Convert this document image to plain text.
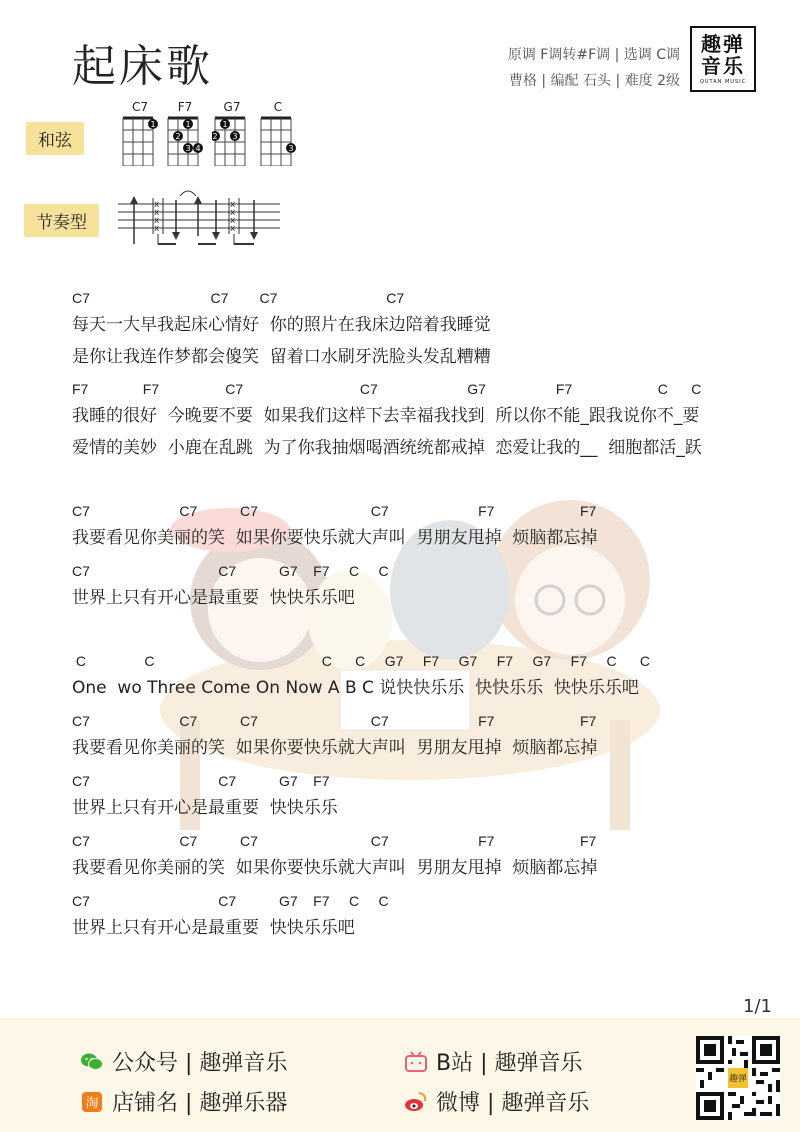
起床歌	原调 F调转#F调 | 选调 C调
曹格 | 编配 石头 | 难度 2级
趣弹
音乐
QUTAN MUSIC
和弦
C7
1
F7
2
1
3 4
G7
2
1
3
C
3
节奏型
x
x
x
x
x
x
x
x
C7                               C7        C7                            C7
每天一大早我起床心情好  你的照片在我床边陪着我睡觉
是你让我连作梦都会傻笑  留着口水刷牙洗脸头发乱糟糟
F7              F7                 C7                              C7                       G7                  F7                      C      C
我睡的很好  今晚要不要  如果我们这样下去幸福我找到  所以你不能_跟我说你不_要
爱情的美妙  小鹿在乱跳  为了你我抽烟喝酒统统都戒掉  恋爱让我的__  细胞都活_跃
C7                       C7           C7                             C7                       F7                      F7
我要看见你美丽的笑  如果你要快乐就大声叫  男朋友甩掉  烦脑都忘掉
C7                                 C7           G7    F7     C     C
世界上只有开心是最重要  快快乐乐吧
C               C                                           C      C     G7     F7     G7     F7     G7     F7     C      C
One  wo Three Come On Now A B C 说快快乐乐  快快乐乐  快快乐乐吧
C7                       C7           C7                             C7                       F7                      F7
我要看见你美丽的笑  如果你要快乐就大声叫  男朋友甩掉  烦脑都忘掉
C7                                 C7           G7    F7
世界上只有开心是最重要  快快乐乐
C7                       C7           C7                             C7                       F7                      F7
我要看见你美丽的笑  如果你要快乐就大声叫  男朋友甩掉  烦脑都忘掉
C7                                 C7           G7    F7     C     C
世界上只有开心是最重要  快快乐乐吧
1/1
公众号 | 趣弹音乐
淘 店铺名 | 趣弹乐器
B站 | 趣弹音乐
微博 | 趣弹音乐
趣弹
